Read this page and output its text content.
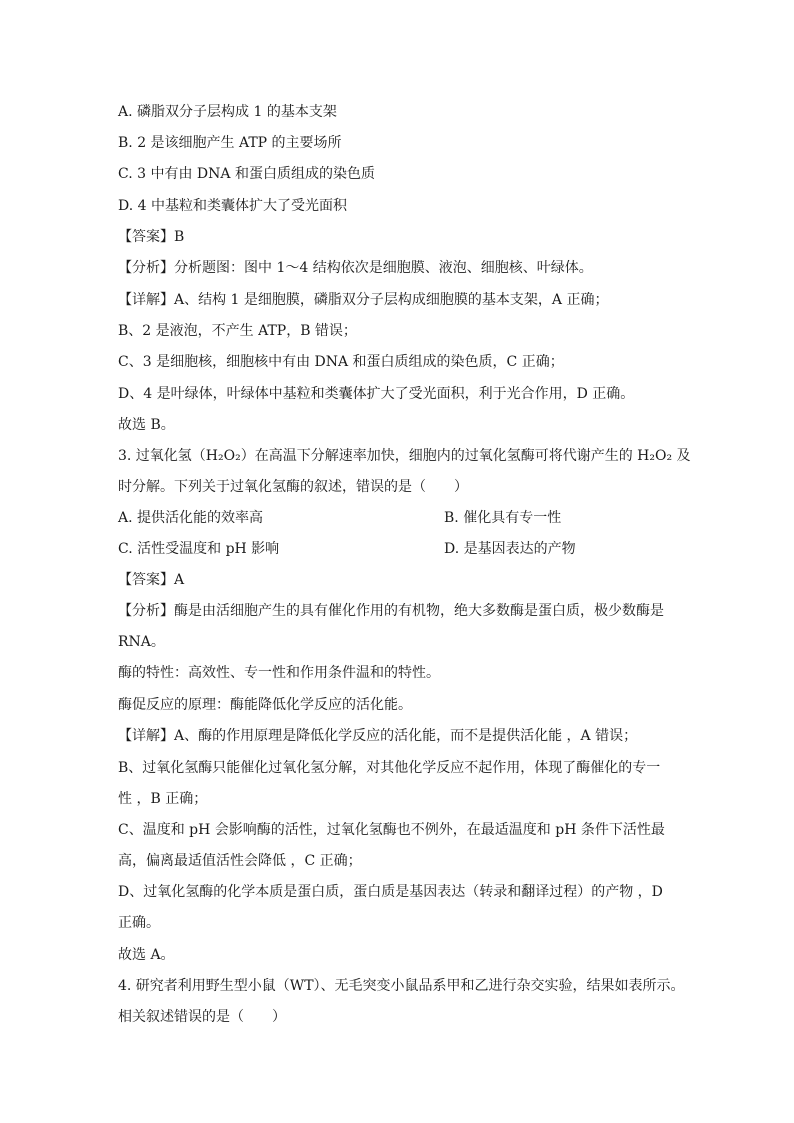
A. 磷脂双分子层构成 1 的基本支架
B. 2 是该细胞产生 ATP 的主要场所
C. 3 中有由 DNA 和蛋白质组成的染色质
D. 4 中基粒和类囊体扩大了受光面积
【答案】B
【分析】分析题图：图中 1～4 结构依次是细胞膜、液泡、细胞核、叶绿体。
【详解】A、结构 1 是细胞膜，磷脂双分子层构成细胞膜的基本支架，A 正确；
B、2 是液泡，不产生 ATP，B 错误；
C、3 是细胞核，细胞核中有由 DNA 和蛋白质组成的染色质，C 正确；
D、4 是叶绿体，叶绿体中基粒和类囊体扩大了受光面积，利于光合作用，D 正确。
故选 B。
3. 过氧化氢（H₂O₂）在高温下分解速率加快，细胞内的过氧化氢酶可将代谢产生的 H₂O₂ 及
时分解。下列关于过氧化氢酶的叙述，错误的是（　　）
A. 提供活化能的效率高	B. 催化具有专一性
C. 活性受温度和 pH 影响	D. 是基因表达的产物
【答案】A
【分析】酶是由活细胞产生的具有催化作用的有机物，绝大多数酶是蛋白质，极少数酶是
RNA。
酶的特性：高效性、专一性和作用条件温和的特性。
酶促反应的原理：酶能降低化学反应的活化能。
【详解】A、酶的作用原理是降低化学反应的活化能，而不是提供活化能 ，A 错误；
B、过氧化氢酶只能催化过氧化氢分解，对其他化学反应不起作用，体现了酶催化的专一
性 ，B 正确；
C、温度和 pH 会影响酶的活性，过氧化氢酶也不例外，在最适温度和 pH 条件下活性最
高，偏离最适值活性会降低 ，C 正确；
D、过氧化氢酶的化学本质是蛋白质，蛋白质是基因表达（转录和翻译过程）的产物 ，D
正确。
故选 A。
4. 研究者利用野生型小鼠（WT）、无毛突变小鼠品系甲和乙进行杂交实验，结果如表所示。
相关叙述错误的是（　　）
